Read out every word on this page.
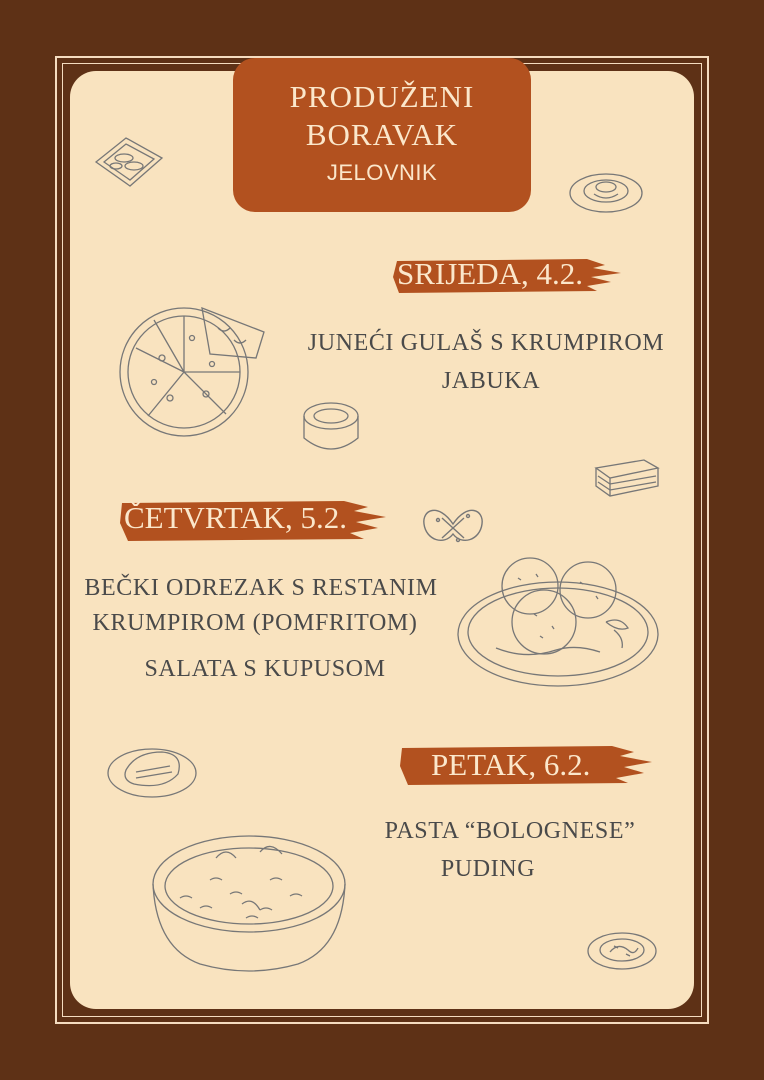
PRODUŽENI
BORAVAK
JELOVNIK
SRIJEDA, 4.2.
JUNEĆI GULAŠ S KRUMPIROM
JABUKA
ČETVRTAK, 5.2.
BEČKI ODREZAK S RESTANIM
KRUMPIROM (POMFRITOM)
SALATA S KUPUSOM
PETAK, 6.2.
PASTA “BOLOGNESE”
PUDING
